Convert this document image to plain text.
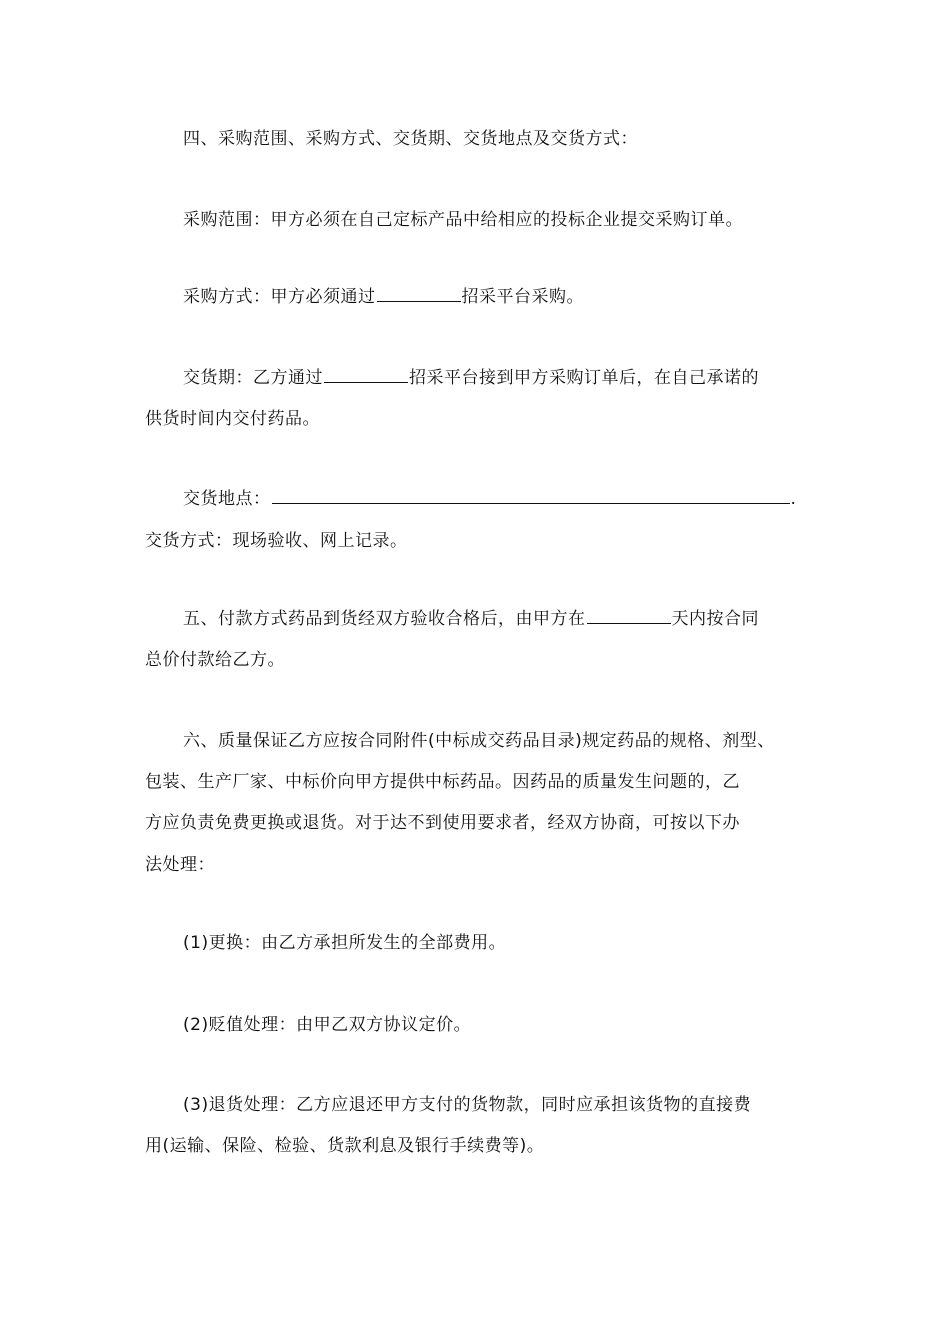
四、采购范围、采购方式、交货期、交货地点及交货方式：
采购范围：甲方必须在自己定标产品中给相应的投标企业提交采购订单。
采购方式：甲方必须通过	招采平台采购。
交货期：乙方通过	招采平台接到甲方采购订单后，在自己承诺的
供货时间内交付药品。
交货地点：	.
交货方式：现场验收、网上记录。
五、付款方式药品到货经双方验收合格后，由甲方在	天内按合同
总价付款给乙方。
六、质量保证乙方应按合同附件(中标成交药品目录)规定药品的规格、剂型、
包装、生产厂家、中标价向甲方提供中标药品。因药品的质量发生问题的，乙
方应负责免费更换或退货。对于达不到使用要求者，经双方协商，可按以下办
法处理：
(1)更换：由乙方承担所发生的全部费用。
(2)贬值处理：由甲乙双方协议定价。
(3)退货处理：乙方应退还甲方支付的货物款，同时应承担该货物的直接费
用(运输、保险、检验、货款利息及银行手续费等)。
